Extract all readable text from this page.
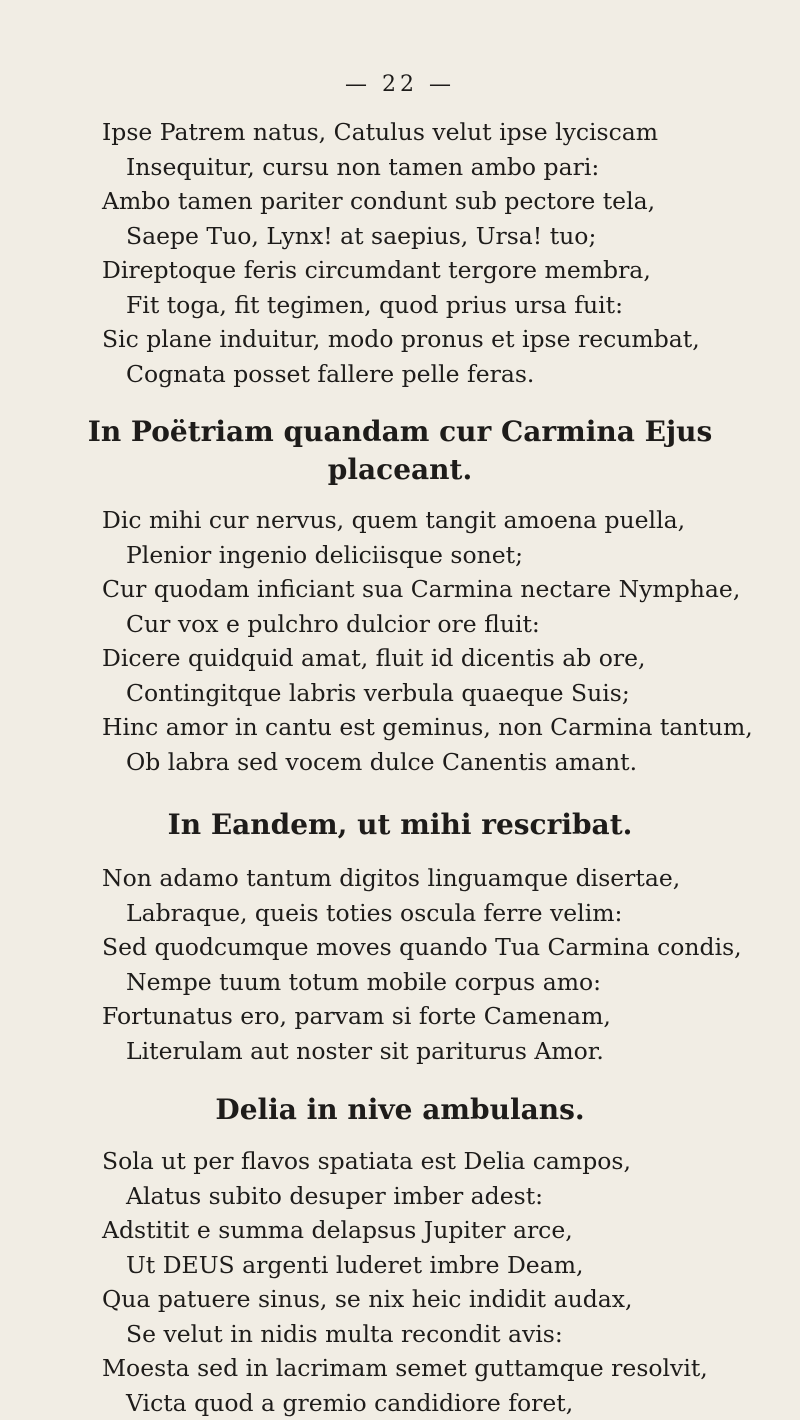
— 22 —
Ipse Patrem natus, Catulus velut ipse lyciscam
Insequitur, cursu non tamen ambo pari:
Ambo tamen pariter condunt sub pectore tela,
Saepe Tuo, Lynx! at saepius, Ursa! tuo;
Direptoque feris circumdant tergore membra,
Fit toga, fit tegimen, quod prius ursa fuit:
Sic plane induitur, modo pronus et ipse recumbat,
Cognata posset fallere pelle feras.
In Poëtriam quandam cur Carmina Ejus
placeant.
Dic mihi cur nervus, quem tangit amoena puella,
Plenior ingenio deliciisque sonet;
Cur quodam inficiant sua Carmina nectare Nymphae,
Cur vox e pulchro dulcior ore fluit:
Dicere quidquid amat, fluit id dicentis ab ore,
Contingitque labris verbula quaeque Suis;
Hinc amor in cantu est geminus, non Carmina tantum,
Ob labra sed vocem dulce Canentis amant.
In Eandem, ut mihi rescribat.
Non adamo tantum digitos linguamque disertae,
Labraque, queis toties oscula ferre velim:
Sed quodcumque moves quando Tua Carmina condis,
Nempe tuum totum mobile corpus amo:
Fortunatus ero, parvam si forte Camenam,
Literulam aut noster sit pariturus Amor.
Delia in nive ambulans.
Sola ut per flavos spatiata est Delia campos,
Alatus subito desuper imber adest:
Adstitit e summa delapsus Jupiter arce,
Ut DEUS argenti luderet imbre Deam,
Qua patuere sinus, se nix heic indidit audax,
Se velut in nidis multa recondit avis:
Moesta sed in lacrimam semet guttamque resolvit,
Victa quod a gremio candidiore foret,
